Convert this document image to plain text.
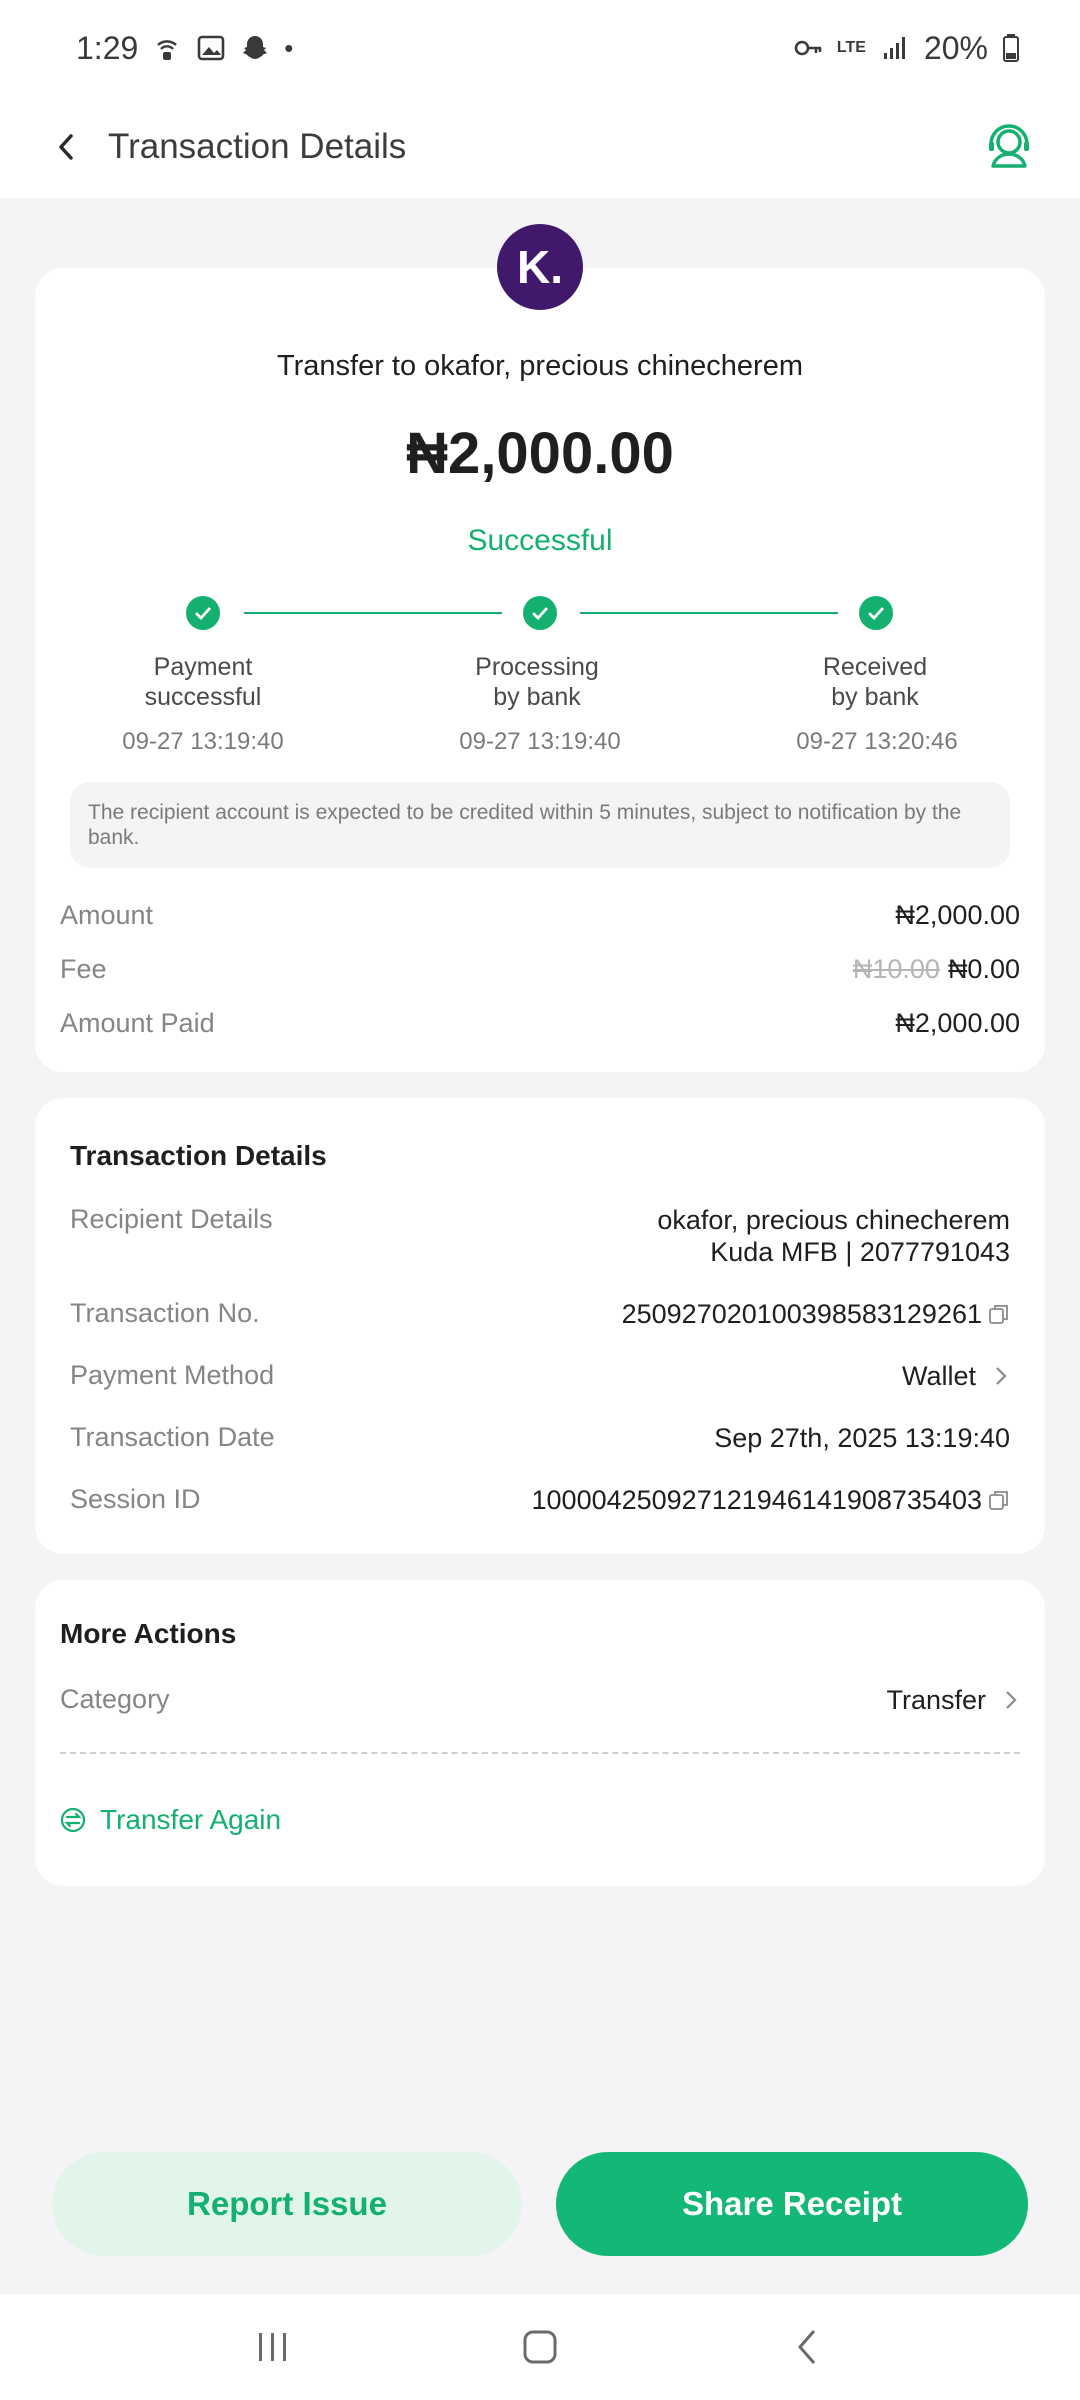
1:29	•	LTE 20%
Transaction Details
K.
Transfer to okafor, precious chinecherem
₦2,000.00
Successful
Payment
successful
Processing
by bank
Received
by bank
09-27 13:19:40	09-27 13:19:40	09-27 13:20:46
The recipient account is expected to be credited within 5 minutes, subject to notification by the bank.
Amount	₦2,000.00
Fee	₦10.00 ₦0.00
Amount Paid	₦2,000.00
Transaction Details
Recipient Details	okafor, precious chinecherem
Kuda MFB | 2077791043
Transaction No.	250927020100398583129261
Payment Method	Wallet
Transaction Date	Sep 27th, 2025 13:19:40
Session ID	100004250927121946141908735403
More Actions
Category	Transfer
Transfer Again
Report Issue	Share Receipt
